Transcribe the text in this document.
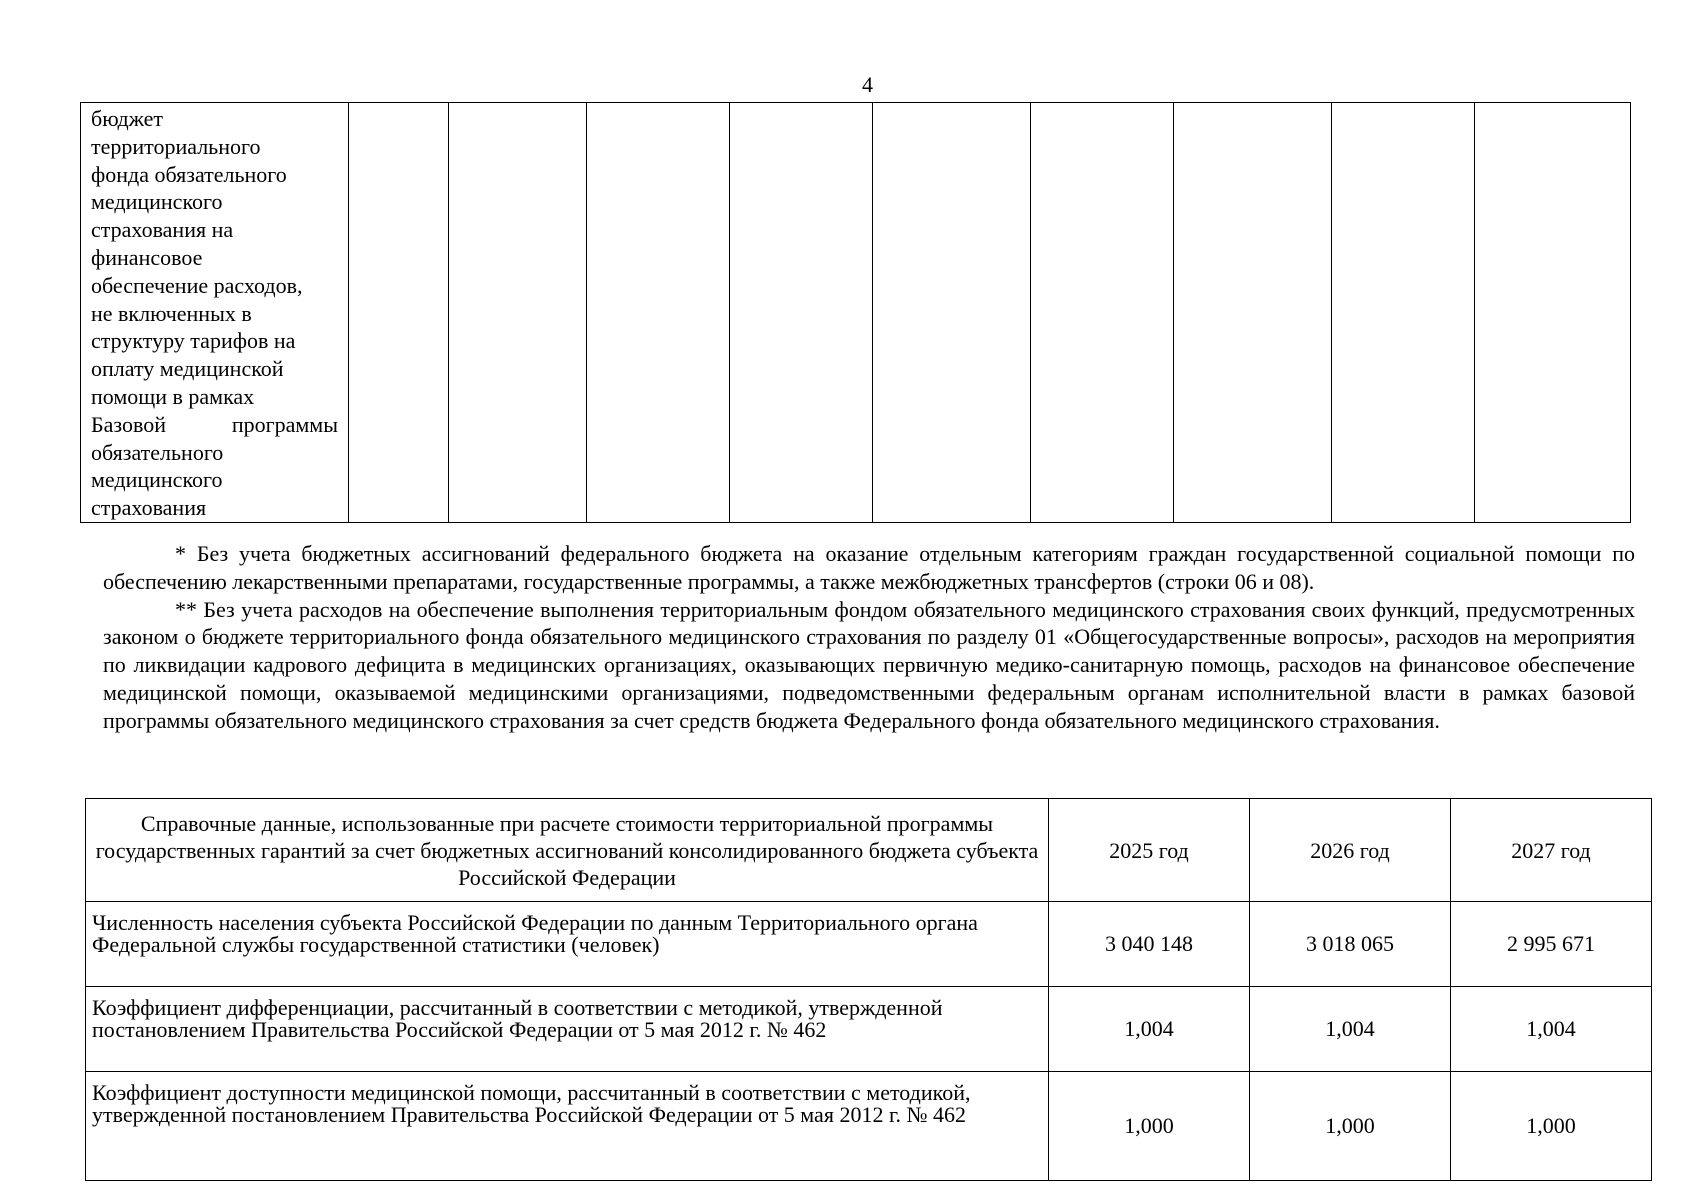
4
бюджет
территориального
фонда обязательного
медицинского
страхования на
финансовое
обеспечение расходов,
не включенных в
структуру тарифов на
оплату медицинской
помощи в рамках
Базовой программы
обязательного
медицинского
страхования

* Без учета бюджетных ассигнований федерального бюджета на оказание отдельным категориям граждан государственной социальной помощи по обеспечению лекарственными препаратами, государственные программы, а также межбюджетных трансфертов (строки 06 и 08).

** Без учета расходов на обеспечение выполнения территориальным фондом обязательного медицинского страхования своих функций, предусмотренных законом о бюджете территориального фонда обязательного медицинского страхования по разделу 01 «Общегосударственные вопросы», расходов на мероприятия по ликвидации кадрового дефицита в медицинских организациях, оказывающих первичную медико-санитарную помощь, расходов на финансовое обеспечение медицинской помощи, оказываемой медицинскими организациями, подведомственными федеральным органам исполнительной власти в рамках базовой программы обязательного медицинского страхования за счет средств бюджета Федерального фонда обязательного медицинского страхования.

Справочные данные, использованные при расчете стоимости территориальной программы государственных гарантий за счет бюджетных ассигнований консолидированного бюджета субъекта Российской Федерации	2025 год	2026 год	2027 год
Численность населения субъекта Российской Федерации по данным Территориального органа Федеральной службы государственной статистики (человек)	3 040 148	3 018 065	2 995 671
Коэффициент дифференциации, рассчитанный в соответствии с методикой, утвержденной постановлением Правительства Российской Федерации от 5 мая 2012 г. № 462	1,004	1,004	1,004
Коэффициент доступности медицинской помощи, рассчитанный в соответствии с методикой, утвержденной постановлением Правительства Российской Федерации от 5 мая 2012 г. № 462	1,000	1,000	1,000
